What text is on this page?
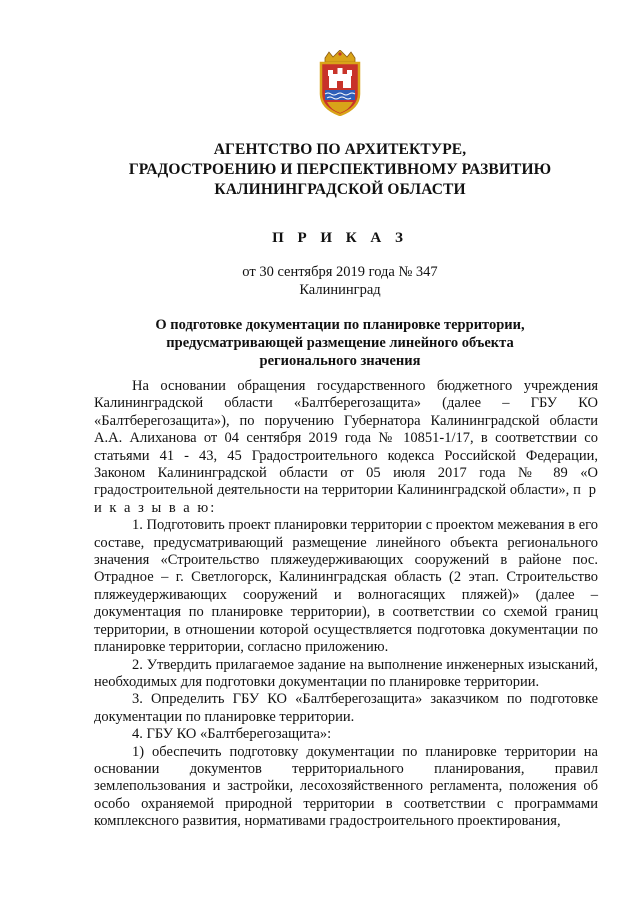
АГЕНТСТВО ПО АРХИТЕКТУРЕ,
ГРАДОСТРОЕНИЮ И ПЕРСПЕКТИВНОМУ РАЗВИТИЮ
КАЛИНИНГРАДСКОЙ ОБЛАСТИ
П Р И К А З
от 30 сентября 2019 года № 347
Калининград
О подготовке документации по планировке территории,
предусматривающей размещение линейного объекта
регионального значения

На основании обращения государственного бюджетного учреждения Калининградской области «Балтберегозащита» (далее – ГБУ КО «Балтберегозащита»), по поручению Губернатора Калининградской области А.А. Алиханова от 04 сентября 2019 года № 10851-1/17, в соответствии со статьями 41 - 43, 45 Градостроительного кодекса Российской Федерации, Законом Калининградской области от 05 июля 2017 года № 89 «О градостроительной деятельности на территории Калининградской области», п р и к а з ы в а ю:

1. Подготовить проект планировки территории с проектом межевания в его составе, предусматривающий размещение линейного объекта регионального значения «Строительство пляжеудерживающих сооружений в районе пос. Отрадное – г. Светлогорск, Калининградская область (2 этап. Строительство пляжеудерживающих сооружений и волногасящих пляжей)» (далее – документация по планировке территории), в соответствии со схемой границ территории, в отношении которой осуществляется подготовка документации по планировке территории, согласно приложению.

2. Утвердить прилагаемое задание на выполнение инженерных изысканий, необходимых для подготовки документации по планировке территории.

3. Определить ГБУ КО «Балтберегозащита» заказчиком по подготовке документации по планировке территории.

4. ГБУ КО «Балтберегозащита»:

1) обеспечить подготовку документации по планировке территории на основании документов территориального планирования, правил землепользования и застройки, лесохозяйственного регламента, положения об особо охраняемой природной территории в соответствии с программами комплексного развития, нормативами градостроительного проектирования,
